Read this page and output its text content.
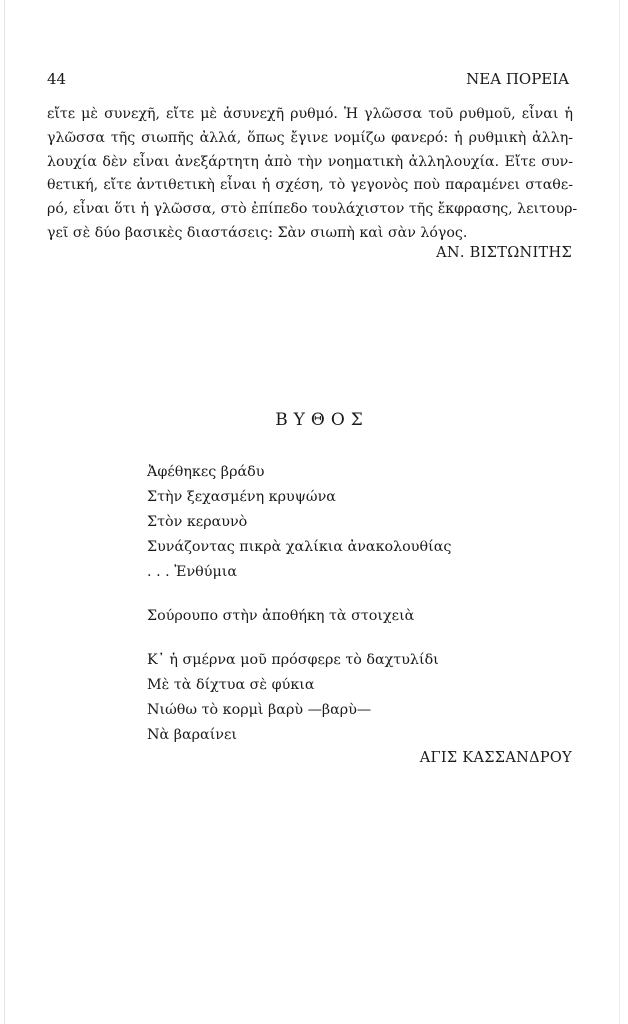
44	ΝΕΑ ΠΟΡΕΙΑ
εἴτε μὲ συνεχῆ, εἴτε μὲ ἀσυνεχῆ ρυθμό. Ἡ γλῶσσα τοῦ ρυθμοῦ, εἶναι ἡ
γλῶσσα τῆς σιωπῆς ἀλλά, ὅπως ἔγινε νομίζω φανερό: ἡ ρυθμικὴ ἀλλη-
λουχία δὲν εἶναι ἀνεξάρτητη ἀπὸ τὴν νοηματικὴ ἀλληλουχία. Εἴτε συν-
θετική, εἴτε ἀντιθετικὴ εἶναι ἡ σχέση, τὸ γεγονὸς ποὺ παραμένει σταθε-
ρό, εἶναι ὅτι ἡ γλῶσσα, στὸ ἐπίπεδο τουλάχιστον τῆς ἔκφρασης, λειτουρ-
γεῖ σὲ δύο βασικὲς διαστάσεις: Σὰν σιωπὴ καὶ σὰν λόγος.
ΑΝ. ΒΙΣΤΩΝΙΤΗΣ
ΒΥΘΟΣ
Ἀφέθηκες βράδυ
Στὴν ξεχασμένη κρυψώνα
Στὸν κεραυνὸ
Συνάζοντας πικρὰ χαλίκια ἀνακολουθίας
. . . Ἐνθύμια
Σούρουπο στὴν ἀποθήκη τὰ στοιχειὰ
Κ᾽ ἡ σμέρνα μοῦ πρόσφερε τὸ δαχτυλίδι
Μὲ τὰ δίχτυα σὲ φύκια
Νιώθω τὸ κορμὶ βαρὺ —βαρὺ—
Νὰ βαραίνει
ΑΓΙΣ ΚΑΣΣΑΝΔΡΟΥ
